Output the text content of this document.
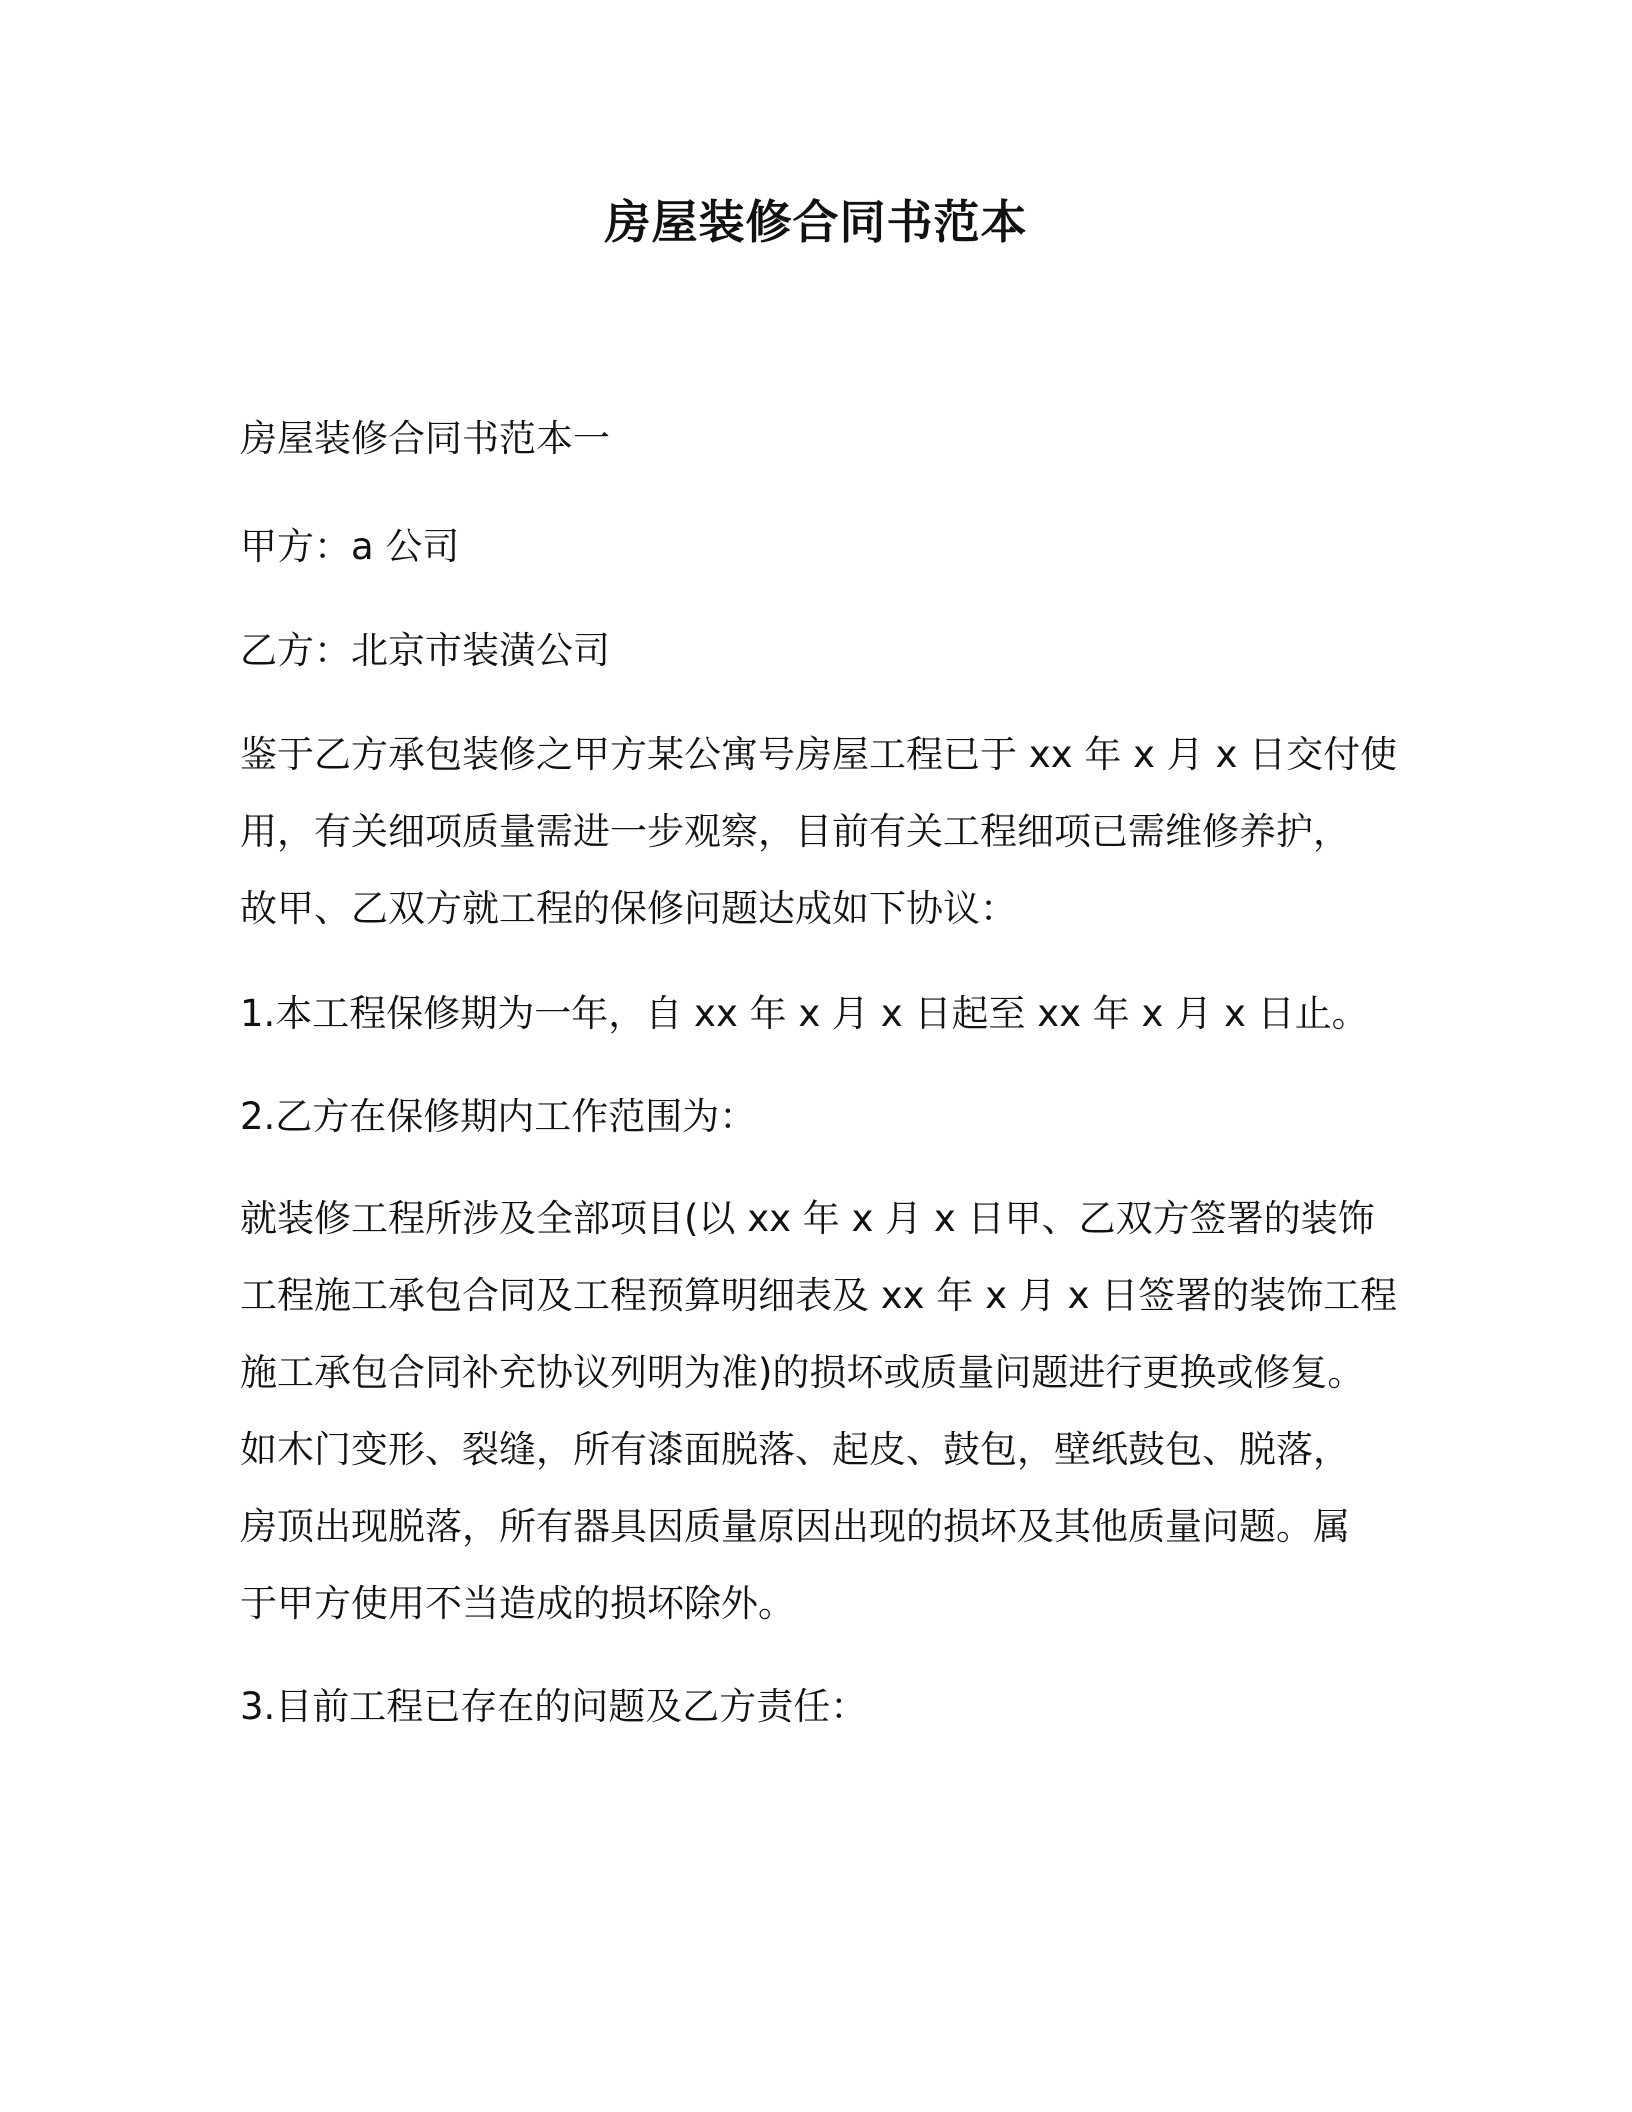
房屋装修合同书范本

房屋装修合同书范本一

甲方：a 公司

乙方：北京市装潢公司

鉴于乙方承包装修之甲方某公寓号房屋工程已于 xx 年 x 月 x 日交付使
用，有关细项质量需进一步观察，目前有关工程细项已需维修养护，
故甲、乙双方就工程的保修问题达成如下协议：

1.本工程保修期为一年，自 xx 年 x 月 x 日起至 xx 年 x 月 x 日止。

2.乙方在保修期内工作范围为：

就装修工程所涉及全部项目(以 xx 年 x 月 x 日甲、乙双方签署的装饰
工程施工承包合同及工程预算明细表及 xx 年 x 月 x 日签署的装饰工程
施工承包合同补充协议列明为准)的损坏或质量问题进行更换或修复。
如木门变形、裂缝，所有漆面脱落、起皮、鼓包，壁纸鼓包、脱落，
房顶出现脱落，所有器具因质量原因出现的损坏及其他质量问题。属
于甲方使用不当造成的损坏除外。

3.目前工程已存在的问题及乙方责任：
